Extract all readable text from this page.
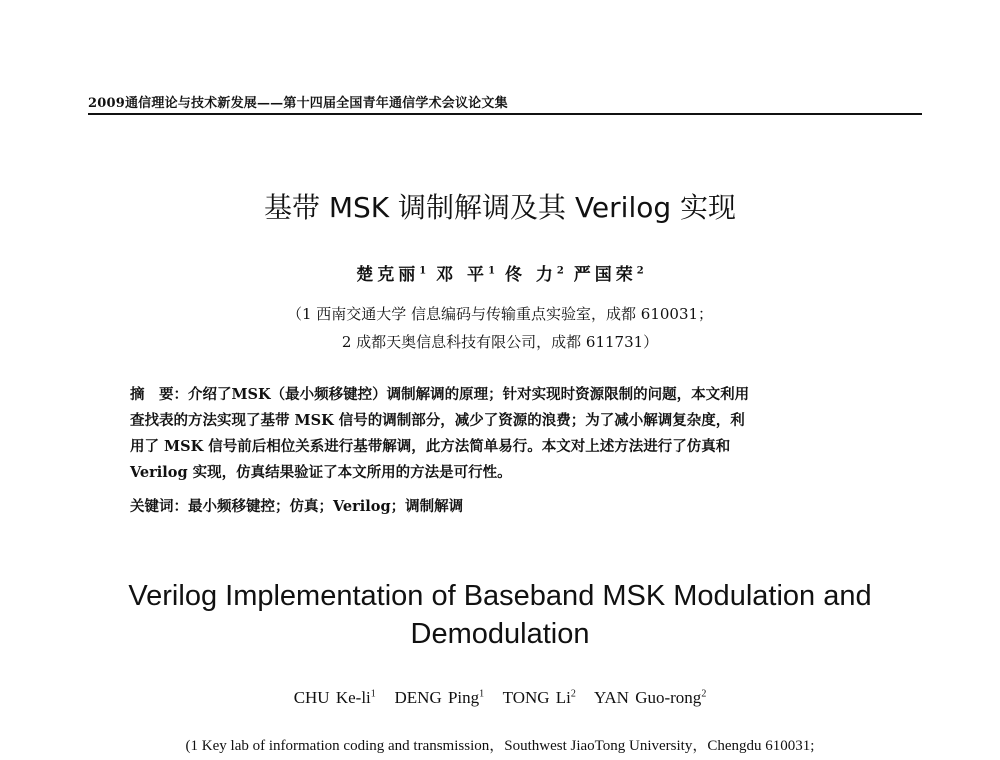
2009通信理论与技术新发展——第十四届全国青年通信学术会议论文集
基带 MSK 调制解调及其 Verilog 实现
楚克丽$^1$ 邓 平$^1$ 佟 力$^2$ 严国荣$^2$
（1 西南交通大学 信息编码与传输重点实验室，成都 610031；
2 成都天奥信息科技有限公司，成都 611731）
摘　要：介绍了MSK（最小频移键控）调制解调的原理；针对实现时资源限制的问题，本文利用
查找表的方法实现了基带 MSK 信号的调制部分，减少了资源的浪费；为了减小解调复杂度，利
用了 MSK 信号前后相位关系进行基带解调，此方法简单易行。本文对上述方法进行了仿真和
Verilog 实现，仿真结果验证了本文所用的方法是可行性。
关键词：最小频移键控；仿真；Verilog；调制解调
Verilog Implementation of Baseband MSK Modulation and
Demodulation
CHU $Ke-li^1$ DENG Ping$^1$ TONG Li$^2$ YAN Guo-rong$^2$
(1 Key lab of information coding and transmission，Southwest JiaoTong University，Chengdu 610031;
